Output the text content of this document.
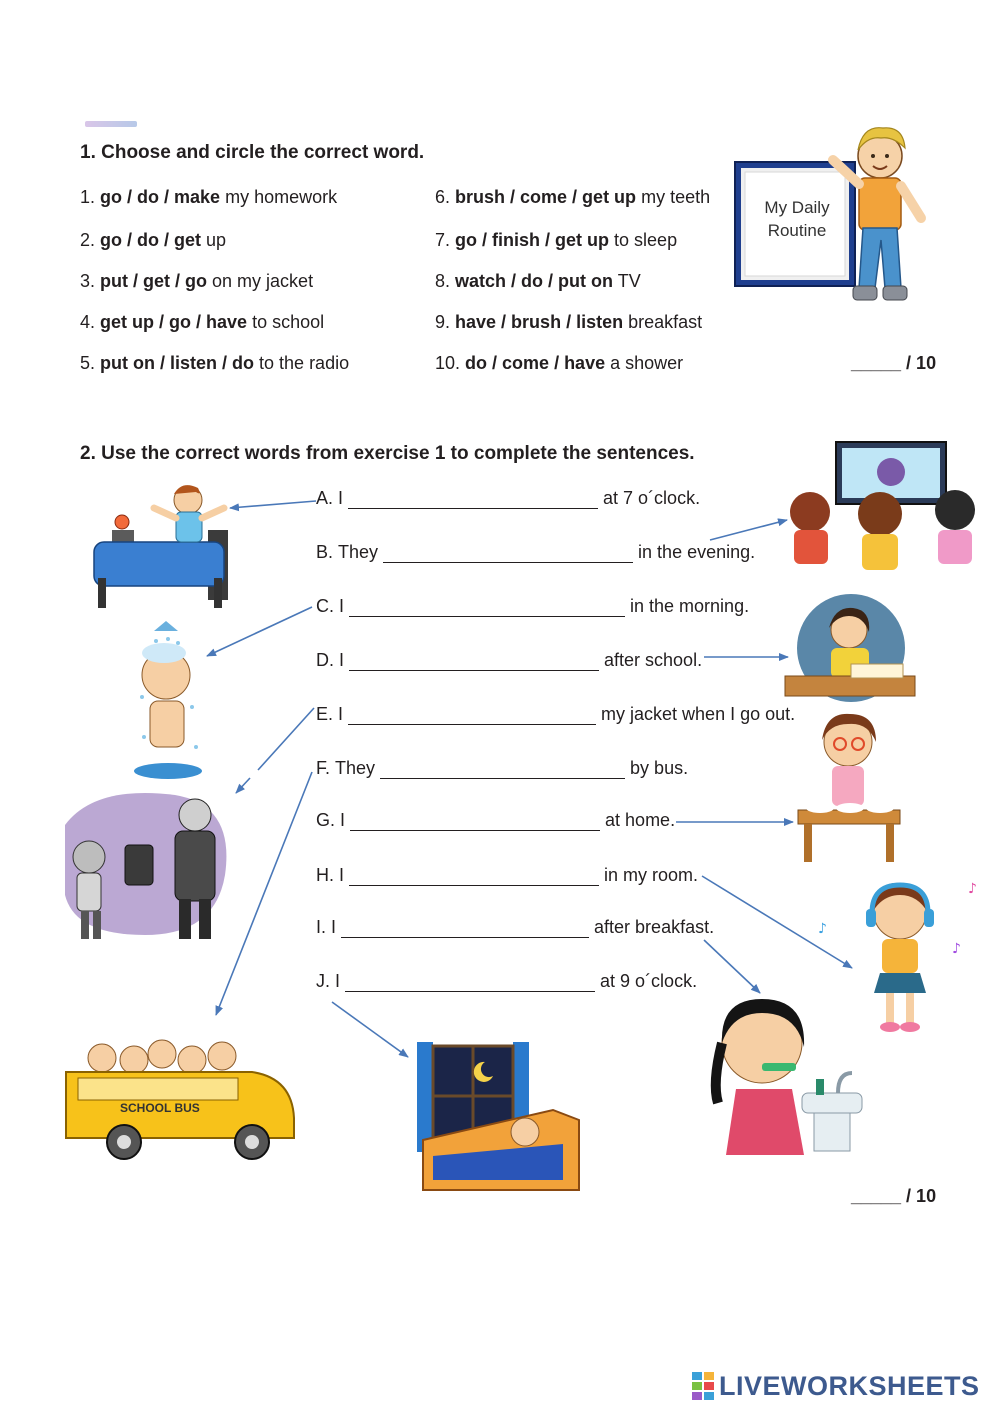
1. Choose and circle the correct word.
1. go / do / make my homework
2. go / do / get up
3. put / get / go on my jacket
4. get up / go / have to school
5. put on / listen / do to the radio
6. brush / come / get up my teeth
7. go / finish / get up to sleep
8. watch / do / put on TV
9. have / brush / listen breakfast
10. do / come / have a shower	_____ / 10
My Daily
Routine
2. Use the correct words from exercise 1 to complete the sentences.
A. I	at 7 o´clock.
B. They	in the evening.
C. I	in the morning.
D. I	after school.
E. I	my jacket when I go out.
F. They	by bus.
G. I	at home.
H. I	in my room.
I. I	after breakfast.
J. I	at 9 o´clock.
_____ / 10
♪
♪
♪
SCHOOL BUS
LIVEWORKSHEETS
